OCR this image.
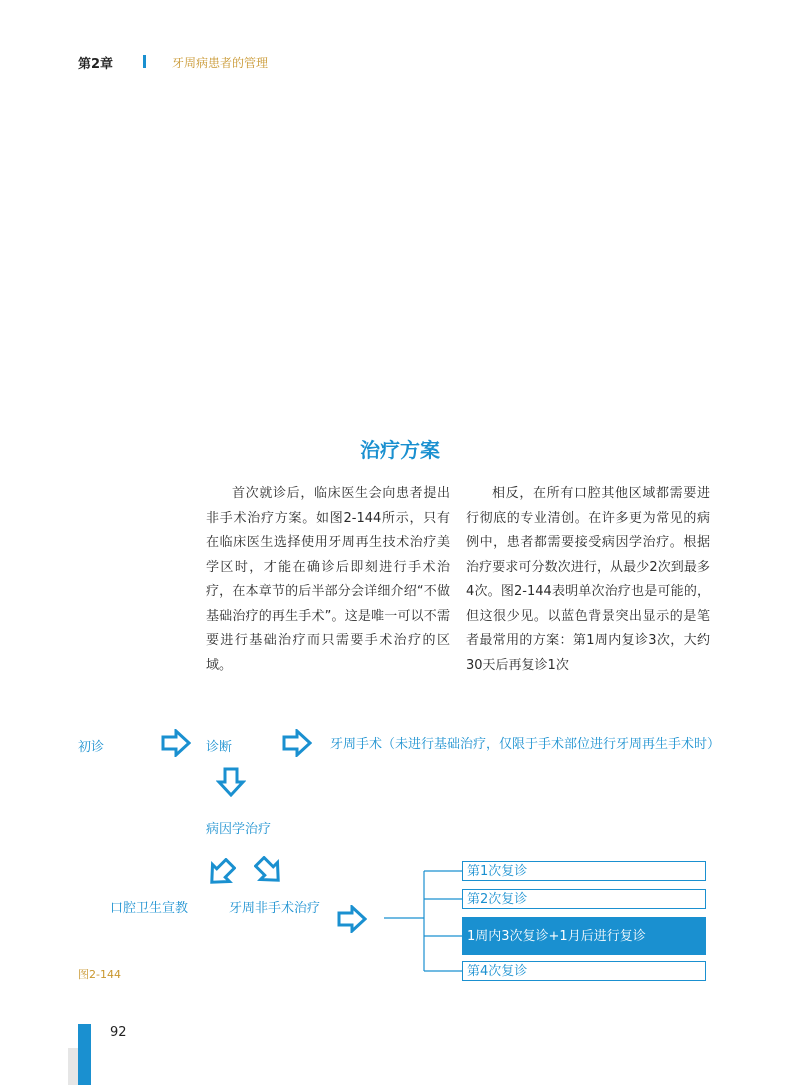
第2章	牙周病患者的管理
治疗方案

首次就诊后，临床医生会向患者提出非手术治疗方案。如图2-144所示，只有在临床医生选择使用牙周再生技术治疗美学区时，才能在确诊后即刻进行手术治疗，在本章节的后半部分会详细介绍“不做基础治疗的再生手术”。这是唯一可以不需要进行基础治疗而只需要手术治疗的区域。

相反，在所有口腔其他区域都需要进行彻底的专业清创。在许多更为常见的病例中，患者都需要接受病因学治疗。根据治疗要求可分数次进行，从最少2次到最多4次。图2-144表明单次治疗也是可能的，但这很少见。以蓝色背景突出显示的是笔者最常用的方案：第1周内复诊3次，大约30天后再复诊1次

初诊	诊断	牙周手术（未进行基础治疗，仅限于手术部位进行牙周再生手术时）
病因学治疗
口腔卫生宣教	牙周非手术治疗
第1次复诊
第2次复诊
1周内3次复诊+1月后进行复诊
第4次复诊
图2-144
92
